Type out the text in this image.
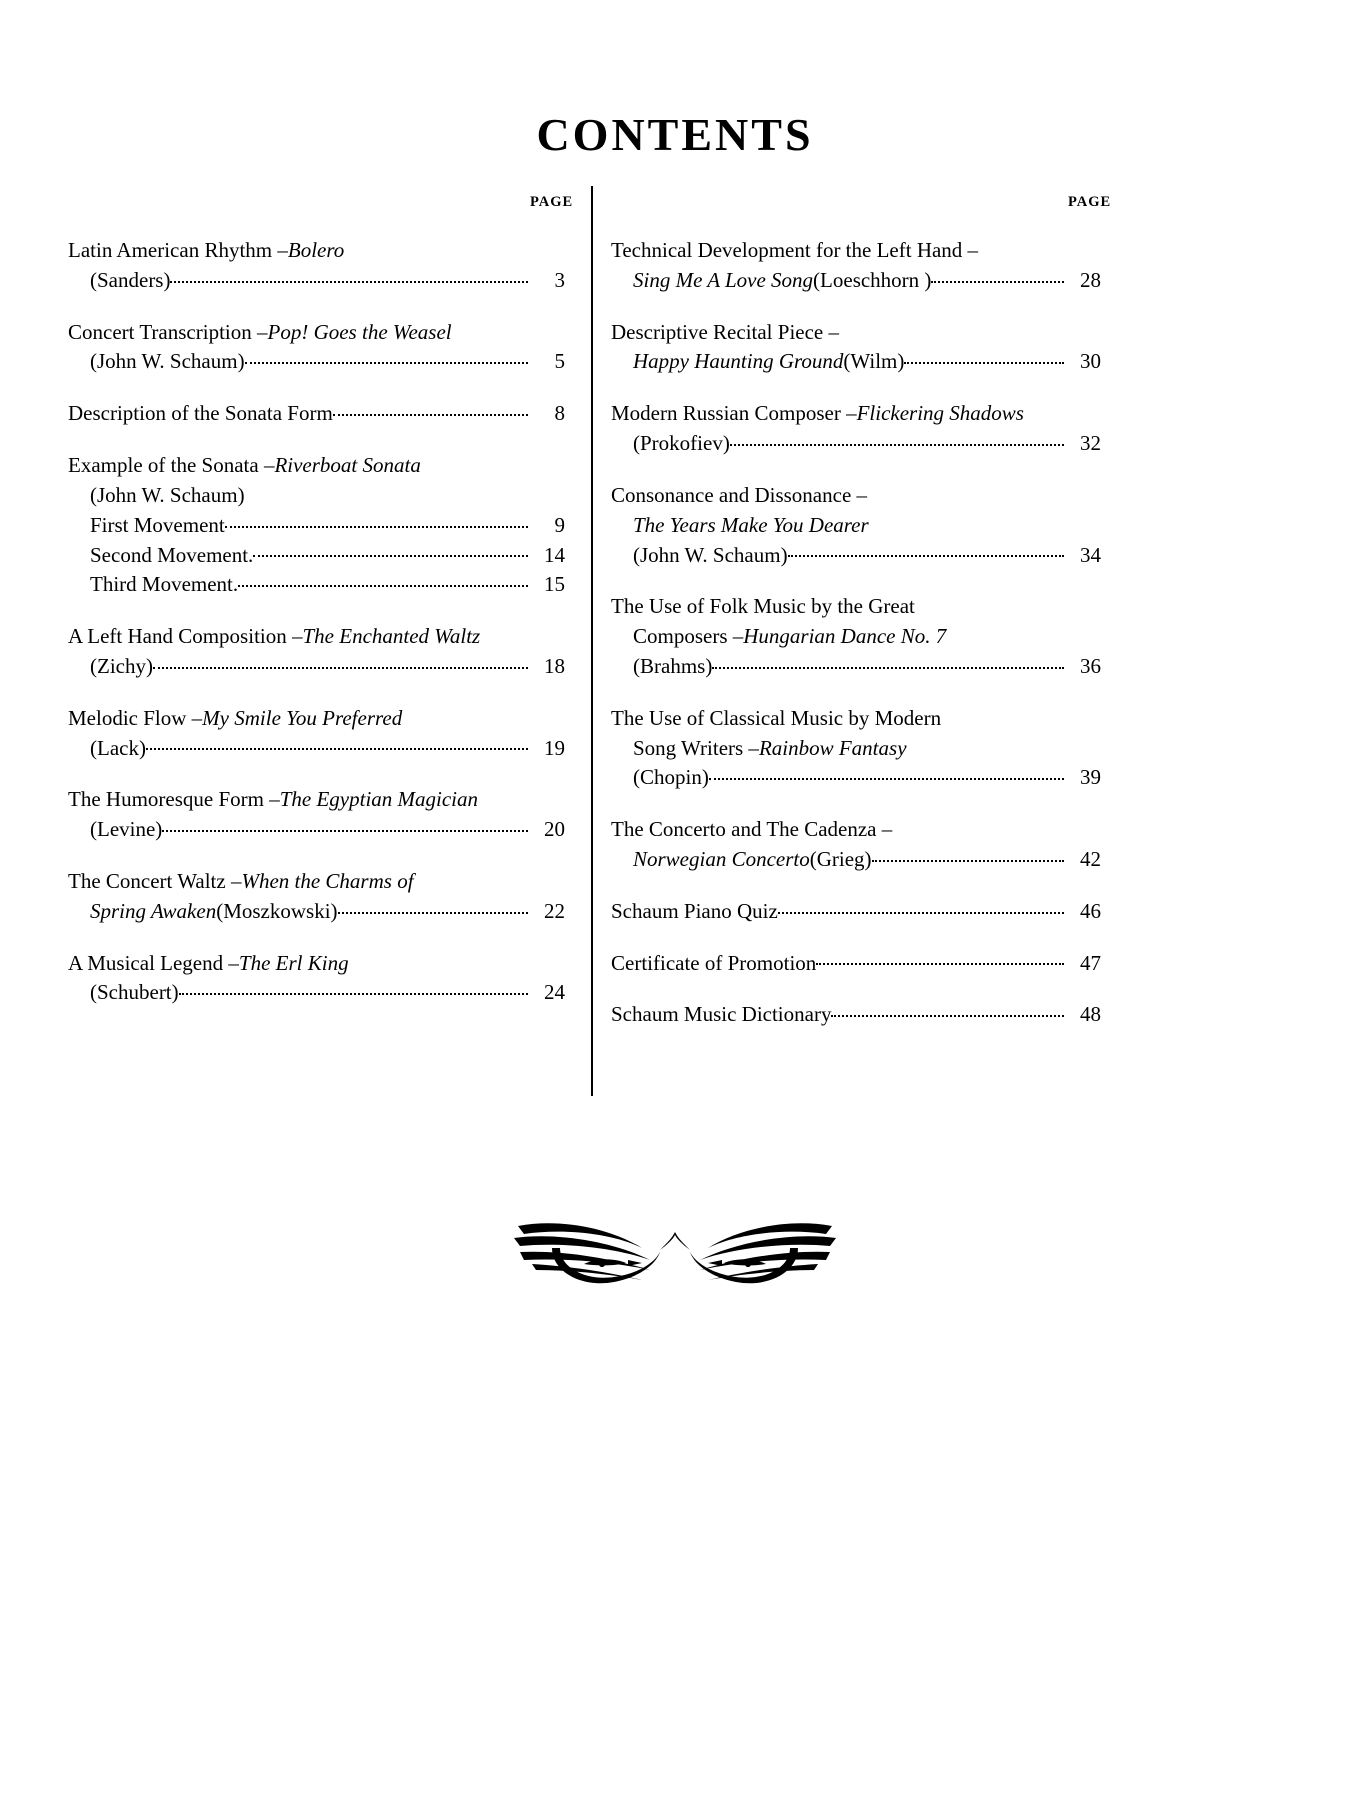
CONTENTS
PAGE	PAGE
Latin American Rhythm – Bolero
(Sanders)	3
Concert Transcription – Pop! Goes the Weasel
(John W. Schaum)	5
Description of the Sonata Form	8
Example of the Sonata – Riverboat Sonata
(John W. Schaum)
First Movement	9
Second Movement.	14
Third Movement.	15
A Left Hand Composition – The Enchanted Waltz
(Zichy)	18
Melodic Flow – My Smile You Preferred
(Lack)	19
The Humoresque Form – The Egyptian Magician
(Levine)	20
The Concert Waltz – When the Charms of
Spring Awaken (Moszkowski)	22
A Musical Legend – The Erl King
(Schubert)	24
Technical Development for the Left Hand –
Sing Me A Love Song (Loeschhorn )	28
Descriptive Recital Piece –
Happy Haunting Ground (Wilm)	30
Modern Russian Composer – Flickering Shadows
(Prokofiev)	32
Consonance and Dissonance –
The Years Make You Dearer
(John W. Schaum)	34
The Use of Folk Music by the Great
Composers – Hungarian Dance No. 7
(Brahms)	36
The Use of Classical Music by Modern
Song Writers – Rainbow Fantasy
(Chopin)	39
The Concerto and The Cadenza –
Norwegian Concerto (Grieg)	42
Schaum Piano Quiz	46
Certificate of Promotion	47
Schaum Music Dictionary	48
